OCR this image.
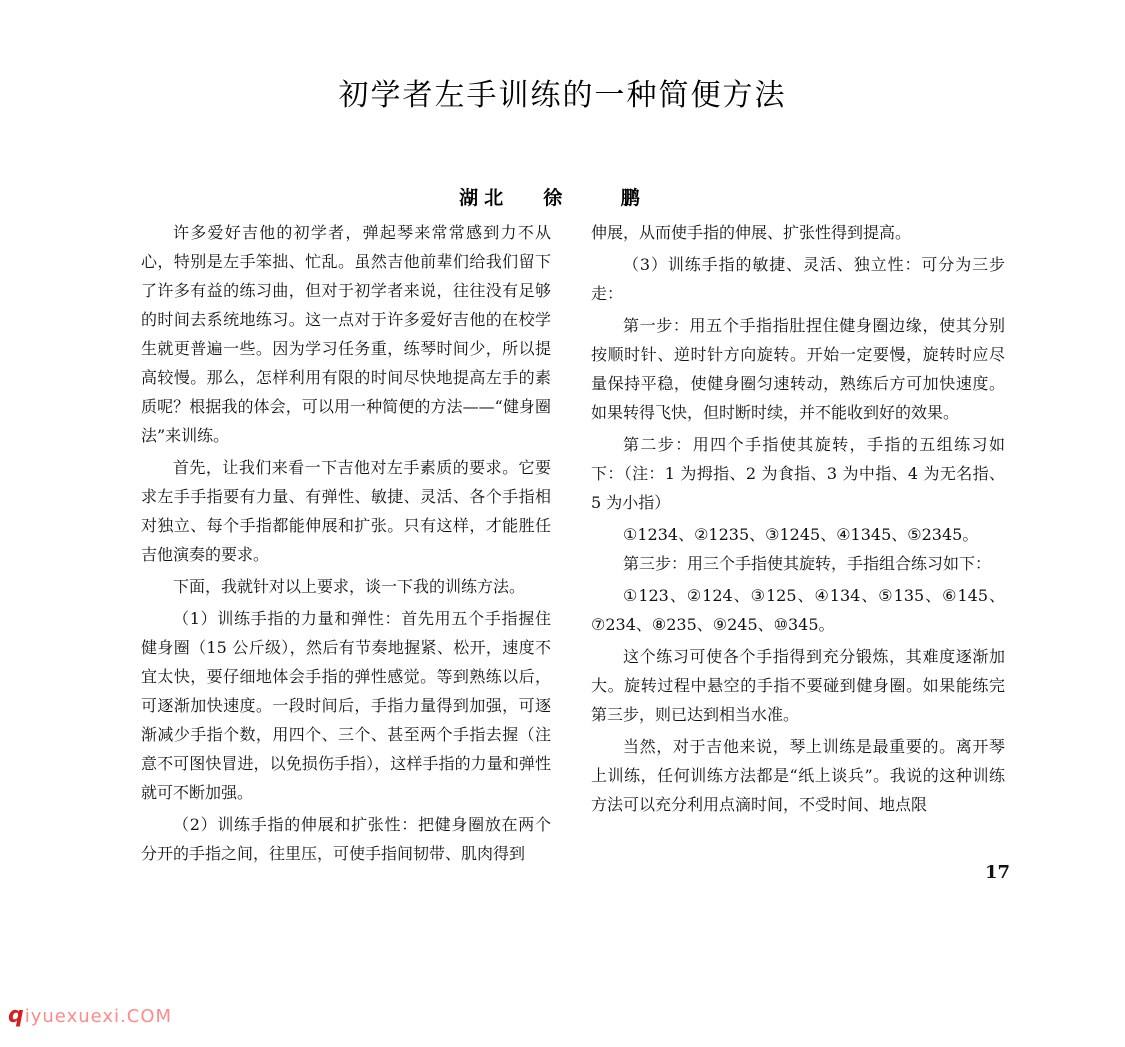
初学者左手训练的一种简便方法
湖北 徐 鹏

许多爱好吉他的初学者，弹起琴来常常感到力不从心，特别是左手笨拙、忙乱。虽然吉他前辈们给我们留下了许多有益的练习曲，但对于初学者来说，往往没有足够的时间去系统地练习。这一点对于许多爱好吉他的在校学生就更普遍一些。因为学习任务重，练琴时间少，所以提高较慢。那么，怎样利用有限的时间尽快地提高左手的素质呢？根据我的体会，可以用一种简便的方法——“健身圈法”来训练。

首先，让我们来看一下吉他对左手素质的要求。它要求左手手指要有力量、有弹性、敏捷、灵活、各个手指相对独立、每个手指都能伸展和扩张。只有这样，才能胜任吉他演奏的要求。

下面，我就针对以上要求，谈一下我的训练方法。

（1）训练手指的力量和弹性：首先用五个手指握住健身圈（15 公斤级），然后有节奏地握紧、松开，速度不宜太快，要仔细地体会手指的弹性感觉。等到熟练以后，可逐渐加快速度。一段时间后，手指力量得到加强，可逐渐减少手指个数，用四个、三个、甚至两个手指去握（注意不可图快冒进，以免损伤手指），这样手指的力量和弹性就可不断加强。

（2）训练手指的伸展和扩张性：把健身圈放在两个分开的手指之间，往里压，可使手指间韧带、肌肉得到

伸展，从而使手指的伸展、扩张性得到提高。

（3）训练手指的敏捷、灵活、独立性：可分为三步走：

第一步：用五个手指指肚捏住健身圈边缘，使其分别按顺时针、逆时针方向旋转。开始一定要慢，旋转时应尽量保持平稳，使健身圈匀速转动，熟练后方可加快速度。如果转得飞快，但时断时续，并不能收到好的效果。

第二步：用四个手指使其旋转，手指的五组练习如下：（注：1 为拇指、2 为食指、3 为中指、4 为无名指、5 为小指）

①1234、②1235、③1245、④1345、⑤2345。

第三步：用三个手指使其旋转，手指组合练习如下：

①123、②124、③125、④134、⑤135、⑥145、⑦234、⑧235、⑨245、⑩345。

这个练习可使各个手指得到充分锻炼，其难度逐渐加大。旋转过程中悬空的手指不要碰到健身圈。如果能练完第三步，则已达到相当水准。

当然，对于吉他来说，琴上训练是最重要的。离开琴上训练，任何训练方法都是“纸上谈兵”。我说的这种训练方法可以充分利用点滴时间，不受时间、地点限

17
qiyuexuexi.COM
